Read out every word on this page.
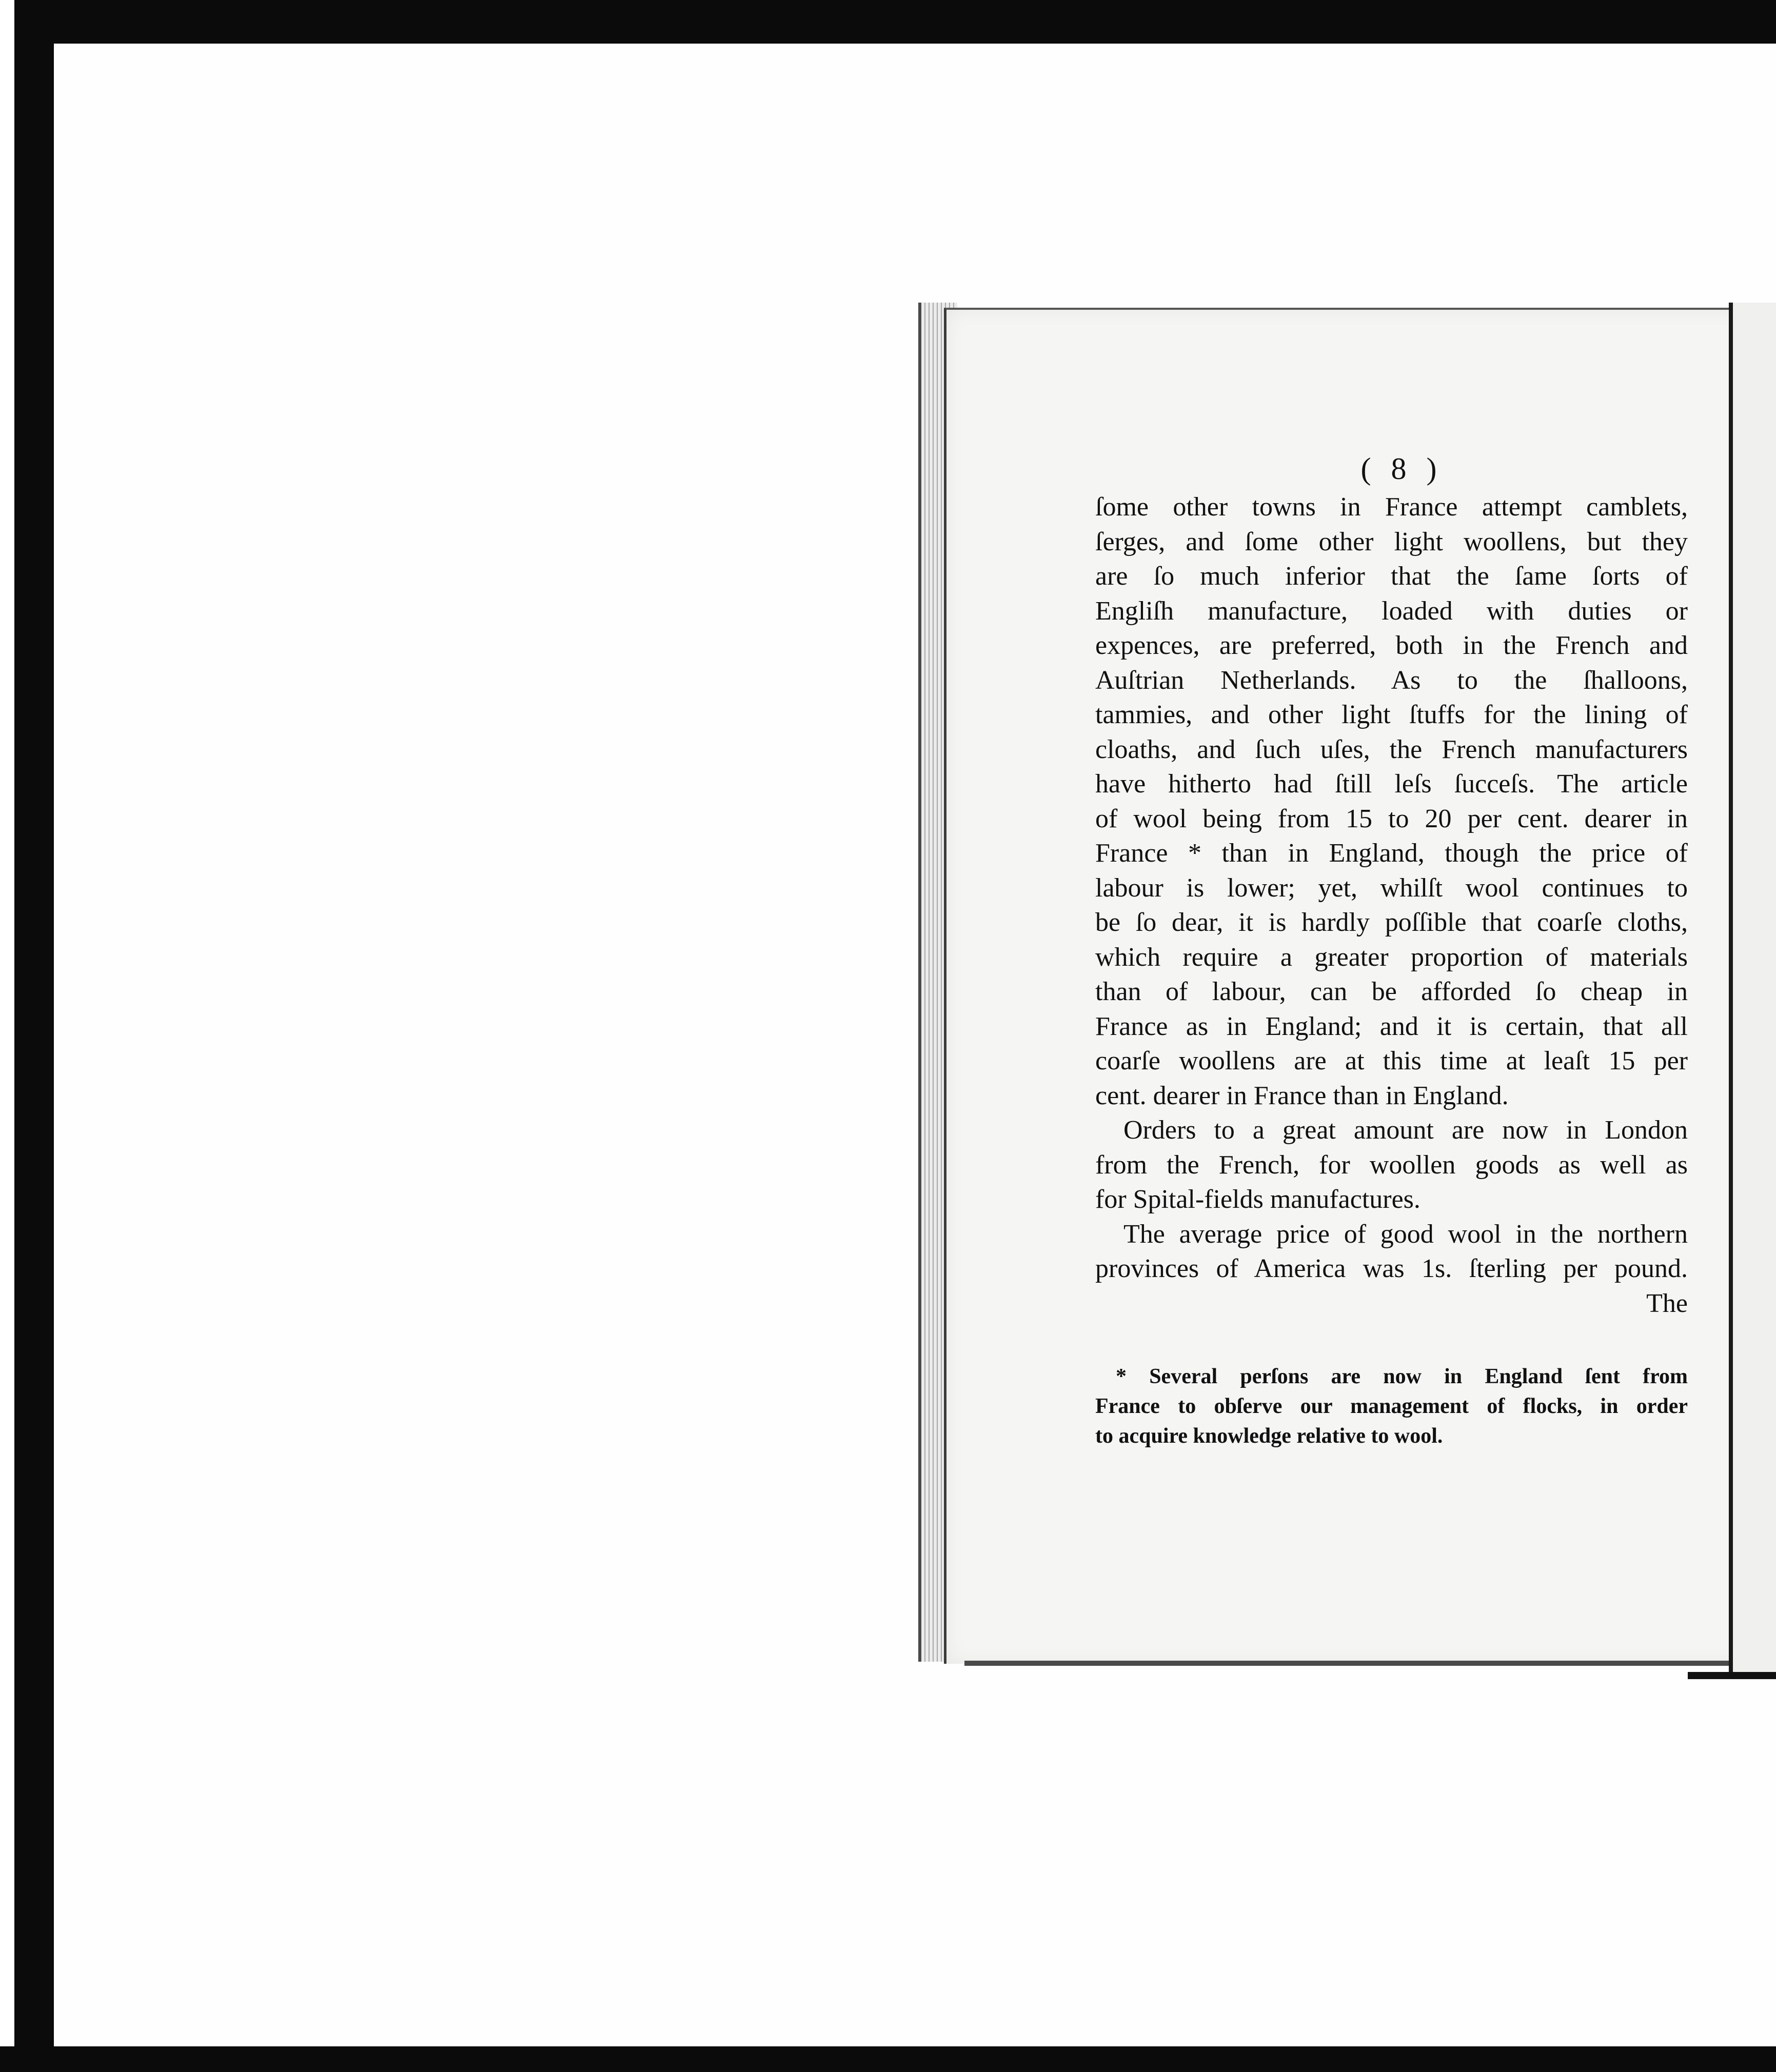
( 8 )
ſome other towns in France attempt camblets,
ſerges, and ſome other light woollens, but they
are ſo much inferior that the ſame ſorts of
Engliſh manufacture, loaded with duties or
expences, are preferred, both in the French and
Auſtrian Netherlands. As to the ſhalloons,
tammies, and other light ſtuffs for the lining of
cloaths, and ſuch uſes, the French manufacturers
have hitherto had ſtill leſs ſucceſs. The article
of wool being from 15 to 20 per cent. dearer in
France * than in England, though the price of
labour is lower; yet, whilſt wool continues to
be ſo dear, it is hardly poſſible that coarſe cloths,
which require a greater proportion of materials
than of labour, can be afforded ſo cheap in
France as in England; and it is certain, that all
coarſe woollens are at this time at leaſt 15 per
cent. dearer in France than in England.
Orders to a great amount are now in London
from the French, for woollen goods as well as
for Spital-fields manufactures.
The average price of good wool in the northern
provinces of America was 1s. ſterling per pound.
The
* Several perſons are now in England ſent from
France to obſerve our management of flocks, in order
to acquire knowledge relative to wool.
